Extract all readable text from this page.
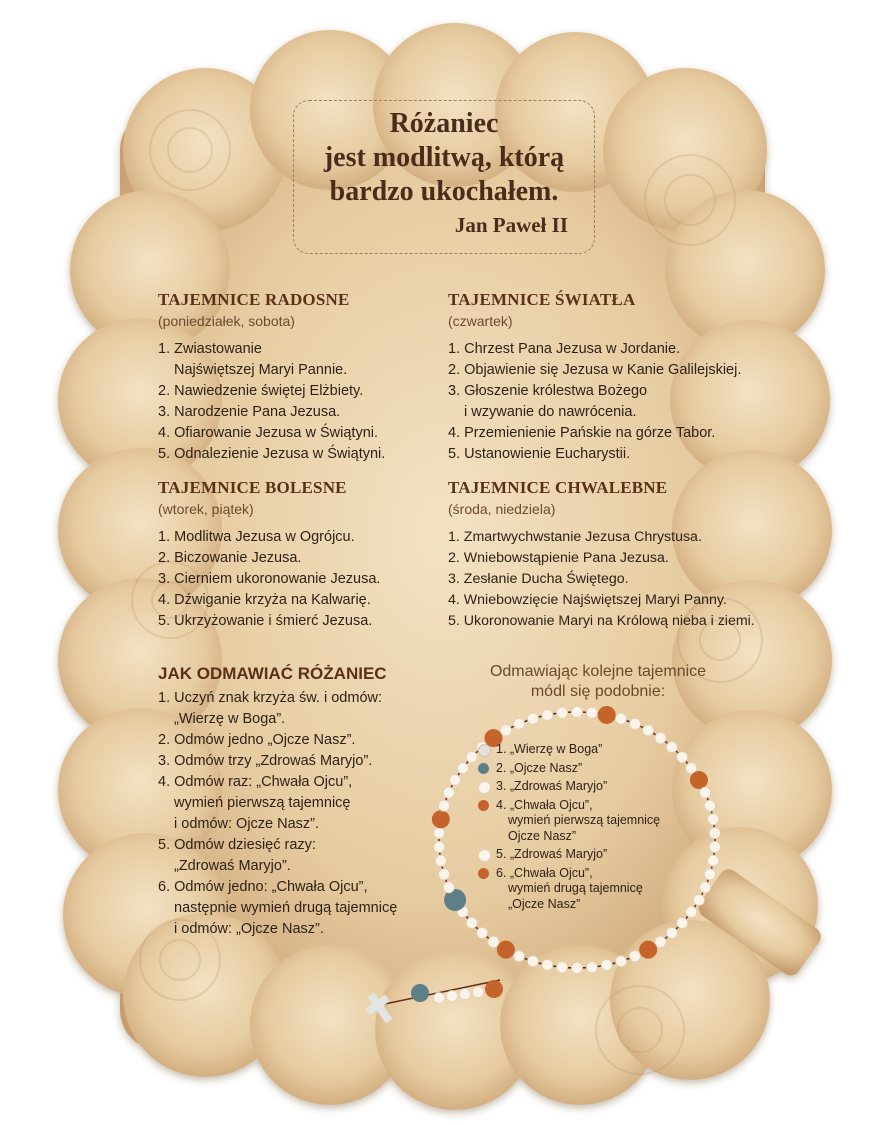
Różaniec
jest modlitwą, którą
bardzo ukochałem.
Jan Paweł II
TAJEMNICE RADOSNE
(poniedziałek, sobota)
1. Zwiastowanie
Najświętszej Maryi Pannie.
2. Nawiedzenie świętej Elżbiety.
3. Narodzenie Pana Jezusa.
4. Ofiarowanie Jezusa w Świątyni.
5. Odnalezienie Jezusa w Świątyni.
TAJEMNICE ŚWIATŁA
(czwartek)
1. Chrzest Pana Jezusa w Jordanie.
2. Objawienie się Jezusa w Kanie Galilejskiej.
3. Głoszenie królestwa Bożego
i wzywanie do nawrócenia.
4. Przemienienie Pańskie na górze Tabor.
5. Ustanowienie Eucharystii.
TAJEMNICE BOLESNE
(wtorek, piątek)
1. Modlitwa Jezusa w Ogrójcu.
2. Biczowanie Jezusa.
3. Cierniem ukoronowanie Jezusa.
4. Dźwiganie krzyża na Kalwarię.
5. Ukrzyżowanie i śmierć Jezusa.
TAJEMNICE CHWALEBNE
(środa, niedziela)
1. Zmartwychwstanie Jezusa Chrystusa.
2. Wniebowstąpienie Pana Jezusa.
3. Zesłanie Ducha Świętego.
4. Wniebowzięcie Najświętszej Maryi Panny.
5. Ukoronowanie Maryi na Królową nieba i ziemi.
JAK ODMAWIAĆ RÓŻANIEC
1. Uczyń znak krzyża św. i odmów:
„Wierzę w Boga”.
2. Odmów jedno „Ojcze Nasz”.
3. Odmów trzy „Zdrowaś Maryjo”.
4. Odmów raz: „Chwała Ojcu”,
wymień pierwszą tajemnicę
i odmów: Ojcze Nasz”.
5. Odmów dziesięć razy:
„Zdrowaś Maryjo”.
6. Odmów jedno: „Chwała Ojcu”,
następnie wymień drugą tajemnicę
i odmów: „Ojcze Nasz”.
Odmawiając kolejne tajemnice
módl się podobnie:
1. „Wierzę w Boga”
2. „Ojcze Nasz”
3. „Zdrowaś Maryjo”
4. „Chwała Ojcu”,
wymień pierwszą tajemnicę
Ojcze Nasz”
5. „Zdrowaś Maryjo”
6. „Chwała Ojcu”,
wymień drugą tajemnicę
„Ojcze Nasz”
